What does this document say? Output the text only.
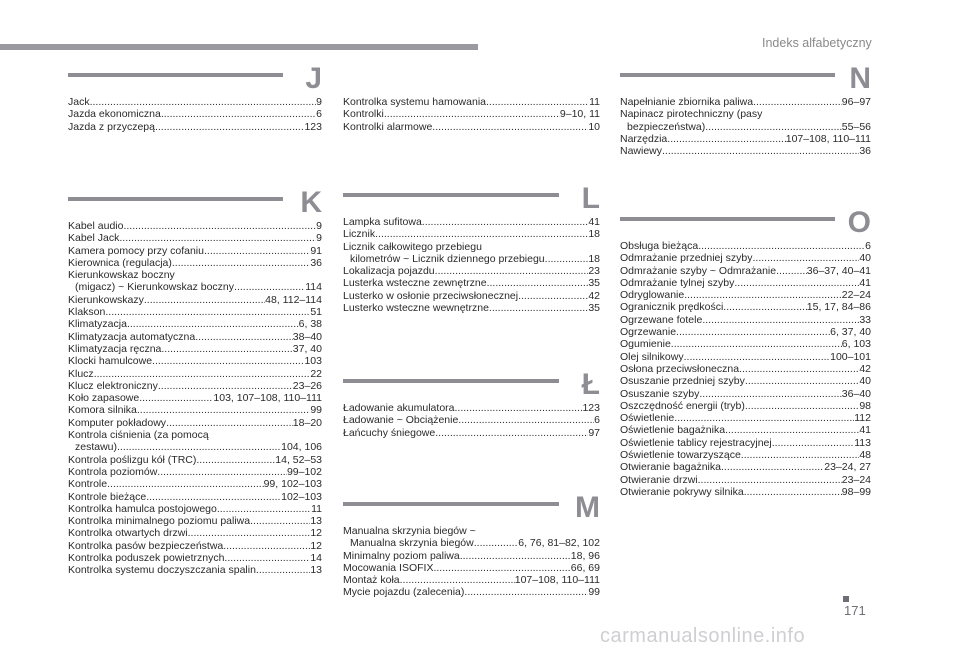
Indeks alfabetyczny
J
Jack .....	9
Jazda ekonomiczna .....	6
Jazda z przyczepą .....	123
K
Kabel audio .....	9
Kabel Jack .....	9
Kamera pomocy przy cofaniu .....	91
Kierownica (regulacja) .....	36
Kierunkowskaz boczny
(migacz) ~ Kierunkowskaz boczny .....	114
Kierunkowskazy .....	48, 112–114
Klakson .....	51
Klimatyzacja .....	6, 38
Klimatyzacja automatyczna .....	38–40
Klimatyzacja ręczna .....	37, 40
Klocki hamulcowe .....	103
Klucz .....	22
Klucz elektroniczny .....	23–26
Koło zapasowe .....	103, 107–108, 110–111
Komora silnika .....	99
Komputer pokładowy .....	18–20
Kontrola ciśnienia (za pomocą
zestawu) .....	104, 106
Kontrola poślizgu kół (TRC) .....	14, 52–53
Kontrola poziomów .....	99–102
Kontrole .....	99, 102–103
Kontrole bieżące .....	102–103
Kontrolka hamulca postojowego .....	11
Kontrolka minimalnego poziomu paliwa .....	13
Kontrolka otwartych drzwi .....	12
Kontrolka pasów bezpieczeństwa .....	12
Kontrolka poduszek powietrznych .....	14
Kontrolka systemu doczyszczania spalin .....	13
Kontrolka systemu hamowania .....	11
Kontrolki .....	9–10, 11
Kontrolki alarmowe .....	10
L
Lampka sufitowa .....	41
Licznik .....	18
Licznik całkowitego przebiegu
kilometrów ~ Licznik dziennego przebiegu .....	18
Lokalizacja pojazdu .....	23
Lusterka wsteczne zewnętrzne .....	35
Lusterko w osłonie przeciwsłonecznej .....	42
Lusterko wsteczne wewnętrzne .....	35
Ł
Ładowanie akumulatora .....	123
Ładowanie ~ Obciążenie .....	6
Łańcuchy śniegowe .....	97
M
Manualna skrzynia biegów ~
Manualna skrzynia biegów .....	6, 76, 81–82, 102
Minimalny poziom paliwa .....	18, 96
Mocowania ISOFIX .....	66, 69
Montaż koła .....	107–108, 110–111
Mycie pojazdu (zalecenia) .....	99
N
Napełnianie zbiornika paliwa .....	96–97
Napinacz pirotechniczny (pasy
bezpieczeństwa) .....	55–56
Narzędzia .....	107–108, 110–111
Nawiewy .....	36
O
Obsługa bieżąca .....	6
Odmrażanie przedniej szyby .....	40
Odmrażanie szyby ~ Odmrażanie .....	36–37, 40–41
Odmrażanie tylnej szyby .....	41
Odryglowanie .....	22–24
Ogranicznik prędkości .....	15, 17, 84–86
Ogrzewane fotele .....	33
Ogrzewanie .....	6, 37, 40
Ogumienie .....	6, 103
Olej silnikowy .....	100–101
Osłona przeciwsłoneczna .....	42
Osuszanie przedniej szyby .....	40
Osuszanie szyby .....	36–40
Oszczędność energii (tryb) .....	98
Oświetlenie .....	112
Oświetlenie bagażnika .....	41
Oświetlenie tablicy rejestracyjnej .....	113
Oświetlenie towarzyszące .....	48
Otwieranie bagażnika .....	23–24, 27
Otwieranie drzwi .....	23–24
Otwieranie pokrywy silnika .....	98–99
171
carmanualsonline.info
